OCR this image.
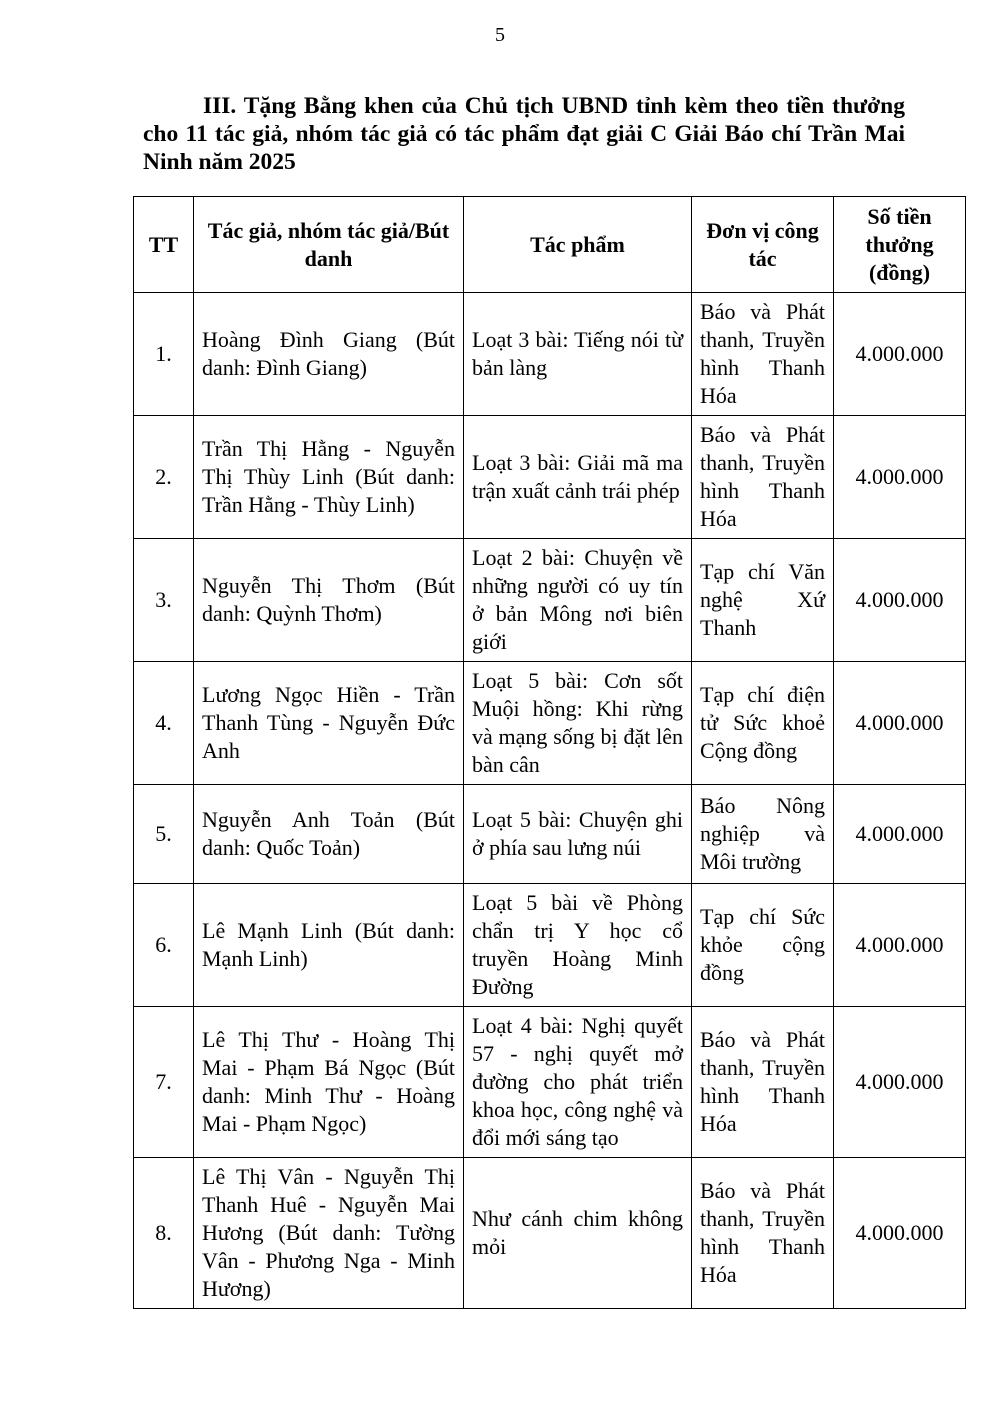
5
III. Tặng Bằng khen của Chủ tịch UBND tỉnh kèm theo tiền thưởng cho 11 tác giả, nhóm tác giả có tác phẩm đạt giải C Giải Báo chí Trần Mai Ninh năm 2025
TT	Tác giả, nhóm tác giả/Bút danh	Tác phẩm	Đơn vị công tác	Số tiền thưởng (đồng)
1.	Hoàng Đình Giang (Bút danh: Đình Giang)	Loạt 3 bài: Tiếng nói từ bản làng	Báo và Phát thanh, Truyền hình Thanh Hóa	4.000.000
2.	Trần Thị Hằng - Nguyễn Thị Thùy Linh (Bút danh: Trần Hằng - Thùy Linh)	Loạt 3 bài: Giải mã ma trận xuất cảnh trái phép	Báo và Phát thanh, Truyền hình Thanh Hóa	4.000.000
3.	Nguyễn Thị Thơm (Bút danh: Quỳnh Thơm)	Loạt 2 bài: Chuyện về những người có uy tín ở bản Mông nơi biên giới	Tạp chí Văn nghệ Xứ Thanh	4.000.000
4.	Lương Ngọc Hiền - Trần Thanh Tùng - Nguyễn Đức Anh	Loạt 5 bài: Cơn sốt Muội hồng: Khi rừng và mạng sống bị đặt lên bàn cân	Tạp chí điện tử Sức khoẻ Cộng đồng	4.000.000
5.	Nguyễn Anh Toản (Bút danh: Quốc Toản)	Loạt 5 bài: Chuyện ghi ở phía sau lưng núi	Báo Nông nghiệp và Môi trường	4.000.000
6.	Lê Mạnh Linh (Bút danh: Mạnh Linh)	Loạt 5 bài về Phòng chẩn trị Y học cổ truyền Hoàng Minh Đường	Tạp chí Sức khỏe cộng đồng	4.000.000
7.	Lê Thị Thư - Hoàng Thị Mai - Phạm Bá Ngọc (Bút danh: Minh Thư - Hoàng Mai - Phạm Ngọc)	Loạt 4 bài: Nghị quyết 57 - nghị quyết mở đường cho phát triển khoa học, công nghệ và đổi mới sáng tạo	Báo và Phát thanh, Truyền hình Thanh Hóa	4.000.000
8.	Lê Thị Vân - Nguyễn Thị Thanh Huê - Nguyễn Mai Hương (Bút danh: Tường Vân - Phương Nga - Minh Hương)	Như cánh chim không mỏi	Báo và Phát thanh, Truyền hình Thanh Hóa	4.000.000
